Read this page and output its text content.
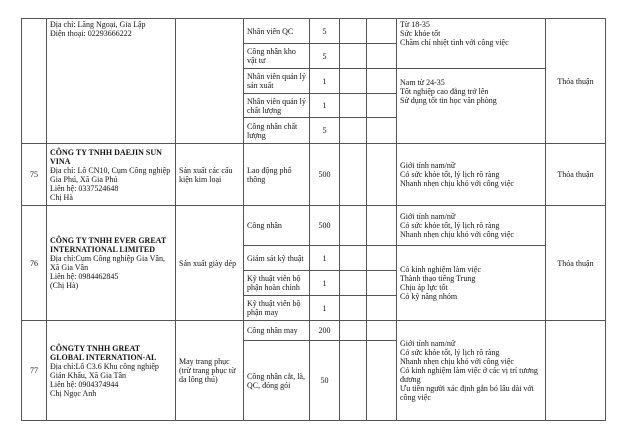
	Địa chỉ: Lăng Ngoại, Gia Lập
Điện thoại: 02293666222		Nhân viên QC	5			Từ 18-35
Sức khỏe tốt
Chăm chỉ nhiệt tình với công việc	Thỏa thuận
			Công nhân kho vật tư	5				
			Nhân viên quản lý sản xuất	1			Nam từ 24-35
Tốt nghiệp cao đẳng trở lên
Sử dụng tốt tin học văn phòng	

			Nhân viên quản lý chất lượng	1				
			Công nhân chất lượng	5				
75	CÔNG TY TNHH DAEJIN SUN VINA
Địa chỉ: Lô CN10, Cụm Công nghiệp Gia Phú, Xã Gia Phú
Liên hệ: 0337524648
Chị Hà	Sản xuất các cấu kiện kim loại	Lao động phổ thông	500			Giới tính nam/nữ
Có sức khỏe tốt, lý lịch rõ ràng
Nhanh nhẹn chịu khó với công việc	Thỏa thuận
76	CÔNG TY TNHH EVER GREAT INTERNATIONAL LIMITED
Địa chỉ:Cụm Công nghiệp Gia Vân, Xã Gia Vân
Liên hệ: 0984462845
(Chị Hà)	Sản xuất giày dép	Công nhân	500			Giới tính nam/nữ
Có sức khỏe tốt, lý lịch rõ ràng
Nhanh nhẹn chịu khó với công việc	Thỏa thuận
			Giám sát kỹ thuật	1			Có kinh nghiệm làm việc
Thành thạo tiếng Trung
Chịu áp lực tốt
Có kỹ năng nhóm	

			Kỹ thuật viên bộ phận hoàn chỉnh	1				
			Kỹ thuật viên bộ phận may	1				
77	CÔNGTY TNHH GREAT GLOBAL INTERNATION-AL
Địa chỉ:Lô C3.6 Khu công nghiệp Gián Khẩu, Xã Gia Tân
Liên hệ: 0904374944
Chị Ngọc Anh	May trang phục (trừ trang phục từ da lông thú)	Công nhân may	200			Giới tính nam/nữ
Có sức khỏe tốt, lý lịch rõ ràng
Nhanh nhẹn chịu khó với công việc
Có kinh nghiệm làm việc ở các vị trí tương đương
Ưu tiên người xác định gắn bó lâu dài với công việc	

			Công nhân cắt, là, QC, đóng gói	50				
